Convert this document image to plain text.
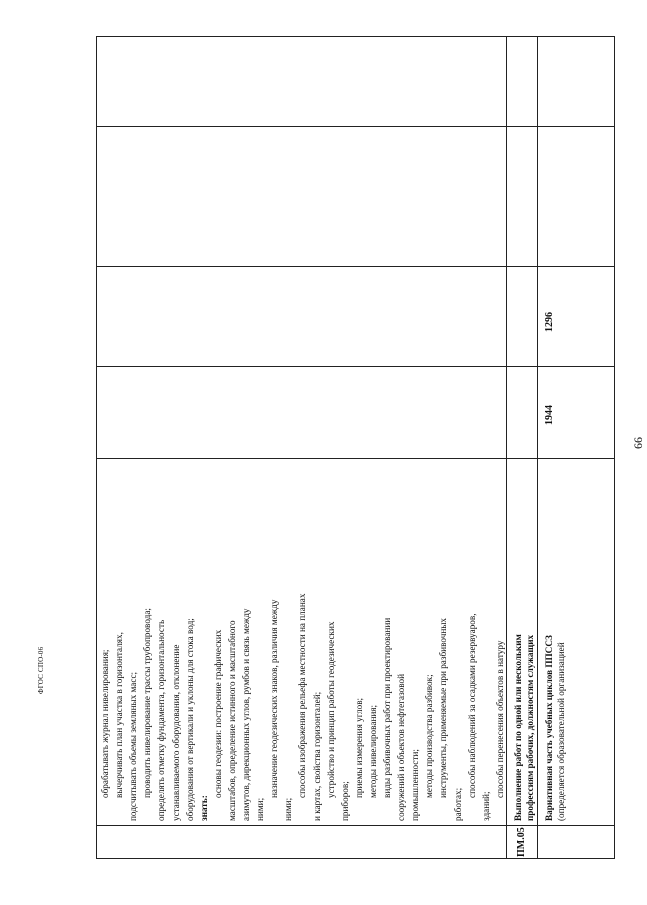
66
ФГОС СПО-06	обрабатывать журнал нивелирования; вычерчивать план участка в горизонталях, подсчитывать объемы земляных масс; проводить нивелирование трассы трубопровода; определять отметку фундамента, горизонтальность устанавливаемого оборудования, отклонение оборудования от вертикали и уклоны для стока вод; знать:
основы геодезии: построение графических масштабов, определение истинного и масштабного азимутов, дирекционных углов, румбов и связь между ними;
назначение геодезических знаков, различия между
ними;
способы изображения рельефа местности на планах и картах, свойства горизонталей; устройство и принцип работы геодезических
приборов;
приемы измерения углов; методы нивелирования; виды разбивочных работ при проектировании сооружений и объектов нефтегазовой промышленности; методы производства разбивок; инструменты, применяемые при разбивочных
работах;
способы наблюдений за осадками резервуаров,
зданий;
способы перенесения объектов в натуру
ПМ.05
Выполнение работ по одной или нескольким профессиям рабочих, должностям служащих Вариативная часть учебных циклов ППССЗ (определяется образовательной организацией
1944
1296
